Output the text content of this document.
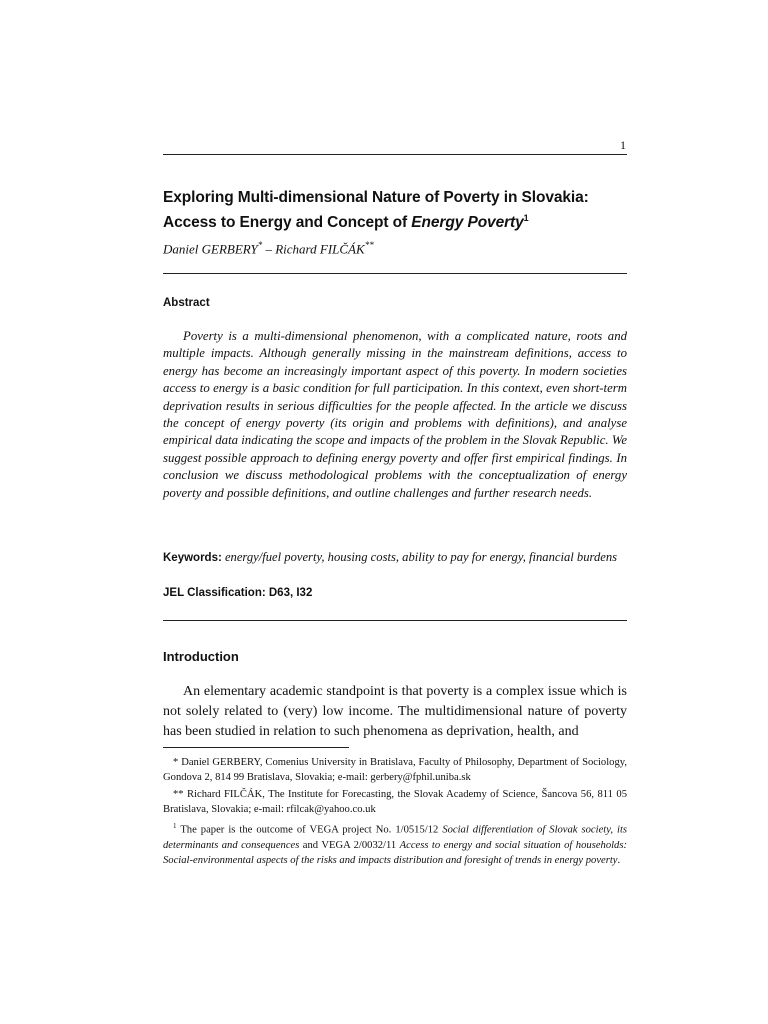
1
Exploring Multi-dimensional Nature of Poverty in Slovakia:
Access to Energy and Concept of Energy Poverty$^1$
Daniel GERBERY* – Richard FILČÁK**
Abstract
Poverty is a multi-dimensional phenomenon, with a complicated nature, roots and multiple impacts. Although generally missing in the mainstream definitions, access to energy has become an increasingly important aspect of this poverty. In modern societies access to energy is a basic condition for full participation. In this context, even short-term deprivation results in serious difficulties for the people affected. In the article we discuss the concept of energy poverty (its origin and problems with definitions), and analyse empirical data indicating the scope and impacts of the problem in the Slovak Republic. We suggest possible approach to defining energy poverty and offer first empirical findings. In conclusion we discuss methodological problems with the conceptualization of energy poverty and possible definitions, and outline challenges and further research needs.
Keywords: energy/fuel poverty, housing costs, ability to pay for energy, financial burdens
JEL Classification: D63, I32
Introduction
An elementary academic standpoint is that poverty is a complex issue which is not solely related to (very) low income. The multidimensional nature of poverty has been studied in relation to such phenomena as deprivation, health, and
* Daniel GERBERY, Comenius University in Bratislava, Faculty of Philosophy, Department of Sociology, Gondova 2, 814 99 Bratislava, Slovakia; e-mail: gerbery@fphil.uniba.sk
** Richard FILČÁK, The Institute for Forecasting, the Slovak Academy of Science, Šancova 56, 811 05 Bratislava, Slovakia; e-mail: rfilcak@yahoo.co.uk
$^1$ The paper is the outcome of VEGA project No. 1/0515/12 Social differentiation of Slovak society, its determinants and consequences and VEGA 2/0032/11 Access to energy and social situation of households: Social-environmental aspects of the risks and impacts distribution and foresight of trends in energy poverty.
